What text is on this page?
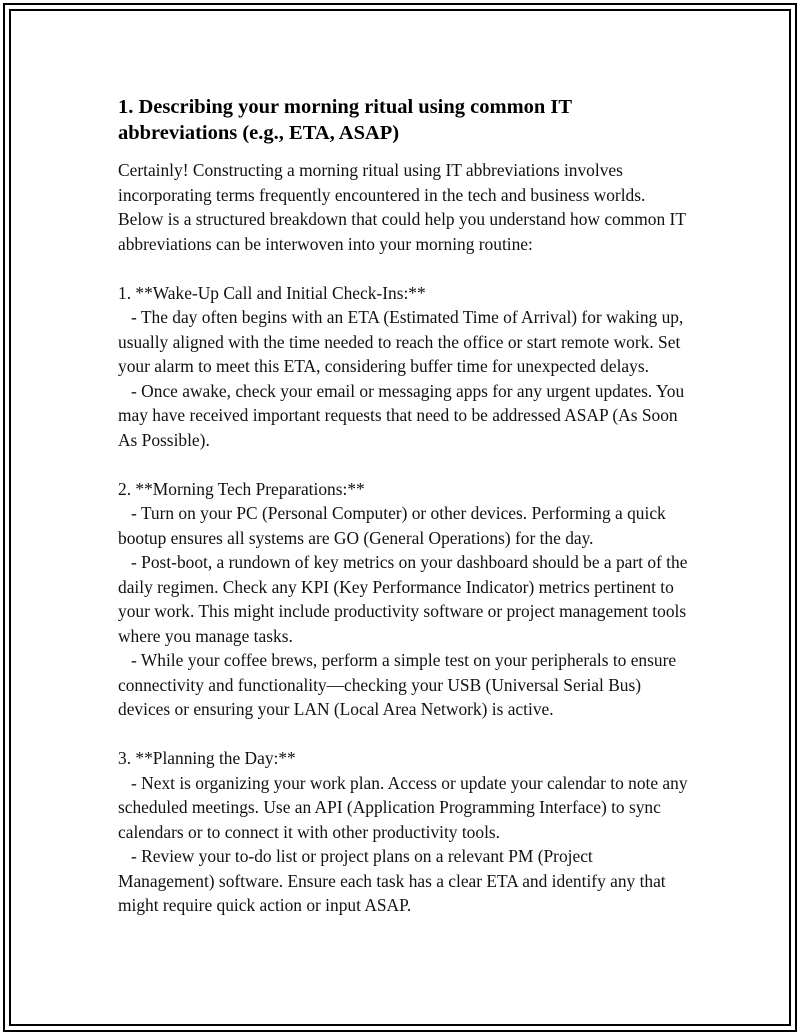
1. Describing your morning ritual using common IT abbreviations (e.g., ETA, ASAP)

Certainly! Constructing a morning ritual using IT abbreviations involves incorporating terms frequently encountered in the tech and business worlds. Below is a structured breakdown that could help you understand how common IT abbreviations can be interwoven into your morning routine:

1. **Wake-Up Call and Initial Check-Ins:**
- The day often begins with an ETA (Estimated Time of Arrival) for waking up, usually aligned with the time needed to reach the office or start remote work. Set your alarm to meet this ETA, considering buffer time for unexpected delays.
- Once awake, check your email or messaging apps for any urgent updates. You may have received important requests that need to be addressed ASAP (As Soon As Possible).

2. **Morning Tech Preparations:**
- Turn on your PC (Personal Computer) or other devices. Performing a quick bootup ensures all systems are GO (General Operations) for the day.
- Post-boot, a rundown of key metrics on your dashboard should be a part of the daily regimen. Check any KPI (Key Performance Indicator) metrics pertinent to your work. This might include productivity software or project management tools where you manage tasks.
- While your coffee brews, perform a simple test on your peripherals to ensure connectivity and functionality—checking your USB (Universal Serial Bus) devices or ensuring your LAN (Local Area Network) is active.

3. **Planning the Day:**
- Next is organizing your work plan. Access or update your calendar to note any scheduled meetings. Use an API (Application Programming Interface) to sync calendars or to connect it with other productivity tools.
- Review your to-do list or project plans on a relevant PM (Project Management) software. Ensure each task has a clear ETA and identify any that might require quick action or input ASAP.
